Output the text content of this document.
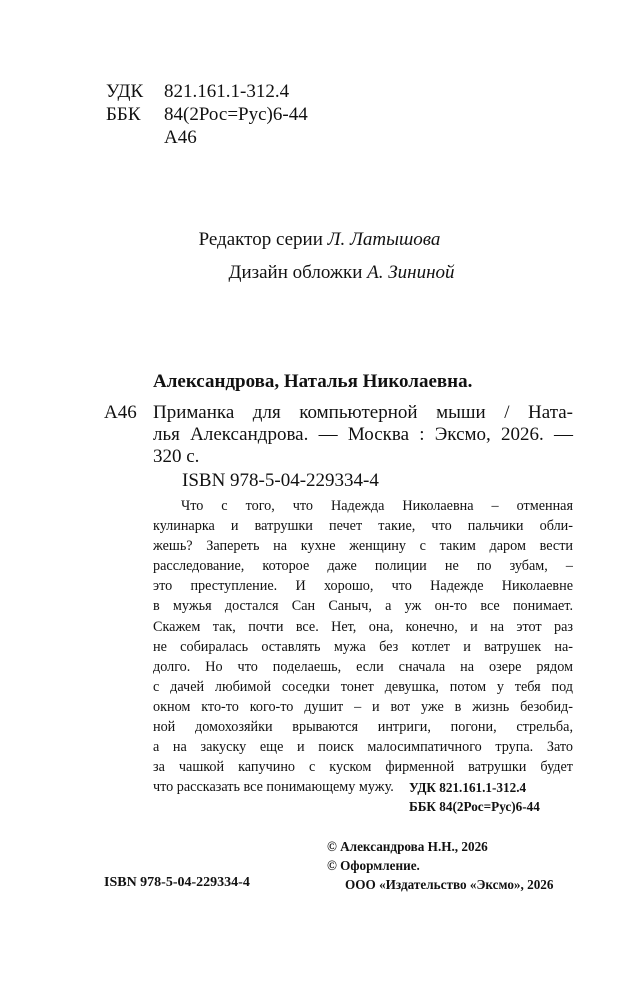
УДК	821.161.1-312.4
ББК	84(2Рос=Рус)6-44
А46
Редактор серии Л. Латышова
Дизайн обложки А. Зининой
Александрова, Наталья Николаевна.
А46 Приманка для компьютерной мыши / Ната-
лья Александрова. — Москва : Эксмо, 2026. —
320 с.
ISBN 978-5-04-229334-4
Что с того, что Надежда Николаевна – отменная
кулинарка и ватрушки печет такие, что пальчики обли-
жешь? Запереть на кухне женщину с таким даром вести
расследование, которое даже полиции не по зубам, –
это преступление. И хорошо, что Надежде Николаевне
в мужья достался Сан Саныч, а уж он-то все понимает.
Скажем так, почти все. Нет, она, конечно, и на этот раз
не собиралась оставлять мужа без котлет и ватрушек на-
долго. Но что поделаешь, если сначала на озере рядом
с дачей любимой соседки тонет девушка, потом у тебя под
окном кто-то кого-то душит – и вот уже в жизнь безобид-
ной домохозяйки врываются интриги, погони, стрельба,
а на закуску еще и поиск малосимпатичного трупа. Зато
за чашкой капучино с куском фирменной ватрушки будет
что рассказать все понимающему мужу.	УДК 821.161.1-312.4
ББК 84(2Рос=Рус)6-44
© Александрова Н.Н., 2026
© Оформление.
ООО «Издательство «Эксмо», 2026
ISBN 978-5-04-229334-4
